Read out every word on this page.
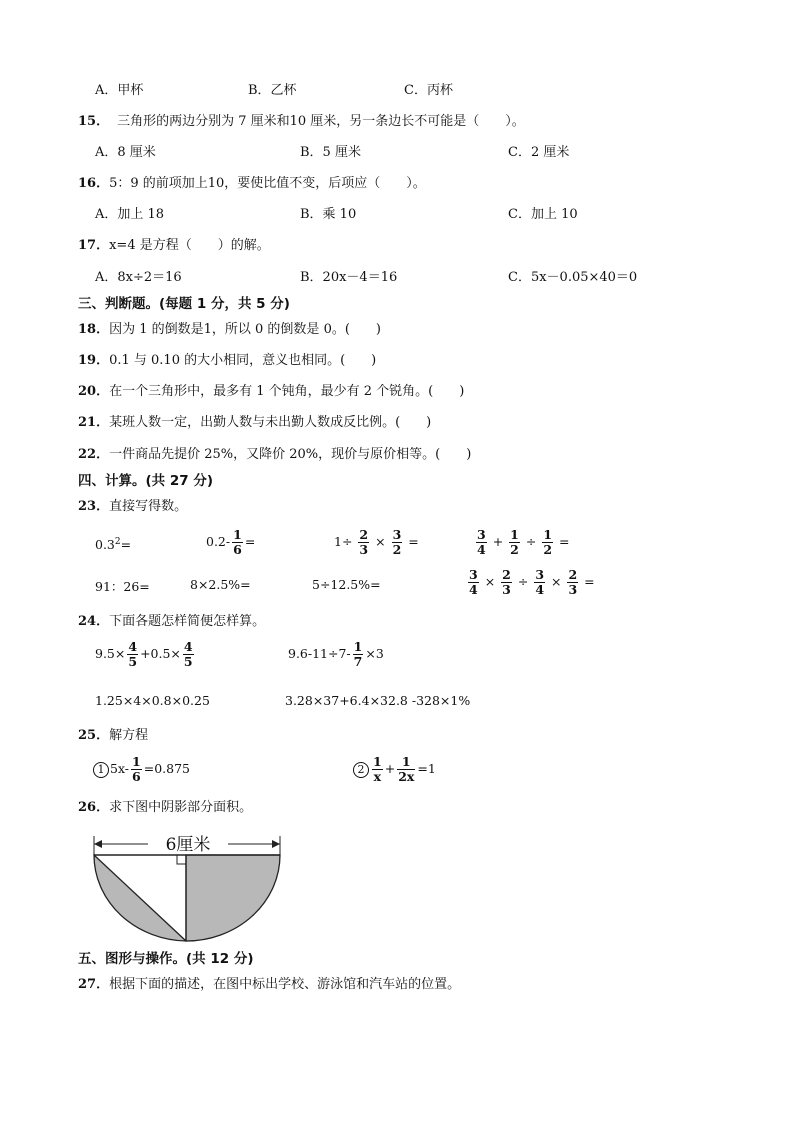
A．甲杯	B．乙杯	C．丙杯
15． 三角形的两边分别为 7 厘米和10 厘米，另一条边长不可能是（　　）。
A．8 厘米	B．5 厘米	C．2 厘米
16．5：9 的前项加上10，要使比值不变，后项应（　　）。
A．加上 18	B．乘 10	C．加上 10
17．x=4 是方程（　　）的解。
A．8x÷2＝16	B．20x－4＝16	C．5x－0.05×40＝0
三、判断题。(每题 1 分，共 5 分)
18．因为 1 的倒数是1，所以 0 的倒数是 0。(　　)
19．0.1 与 0.10 的大小相同，意义也相同。(　　)
20．在一个三角形中，最多有 1 个钝角，最少有 2 个锐角。(　　)
21．某班人数一定，出勤人数与未出勤人数成反比例。(　　)
22．一件商品先提价 25%，又降价 20%，现价与原价相等。(　　)
四、计算。(共 27 分)
23．直接写得数。
$0.3^2=$	$0.2- \frac{1}{6}$ =	$1\div \frac{2}{3} \times \frac{3}{2}$ =	$\frac{3}{4} + \frac{1}{2} \div \frac{1}{2}$ =
91：26=	8×2.5%=	5÷12.5%=	$\frac{3}{4} \times \frac{2}{3} \div \frac{3}{4} \times \frac{2}{3}$ =
24．下面各题怎样简便怎样算。
$9.5\times \frac{4}{5} +0.5\times \frac{4}{5}$	$9.6-11\div 7- \frac{1}{7} \times 3$
1.25×4×0.8×0.25	3.28×37+6.4×32.8 -328×1%
25．解方程
1 $5x- \frac{1}{6} =0.875$	$2 \frac{1}{x} + \frac{1}{2x} =1$
26．求下图中阴影部分面积。
6厘米
五、图形与操作。(共 12 分)
27．根据下面的描述，在图中标出学校、游泳馆和汽车站的位置。
